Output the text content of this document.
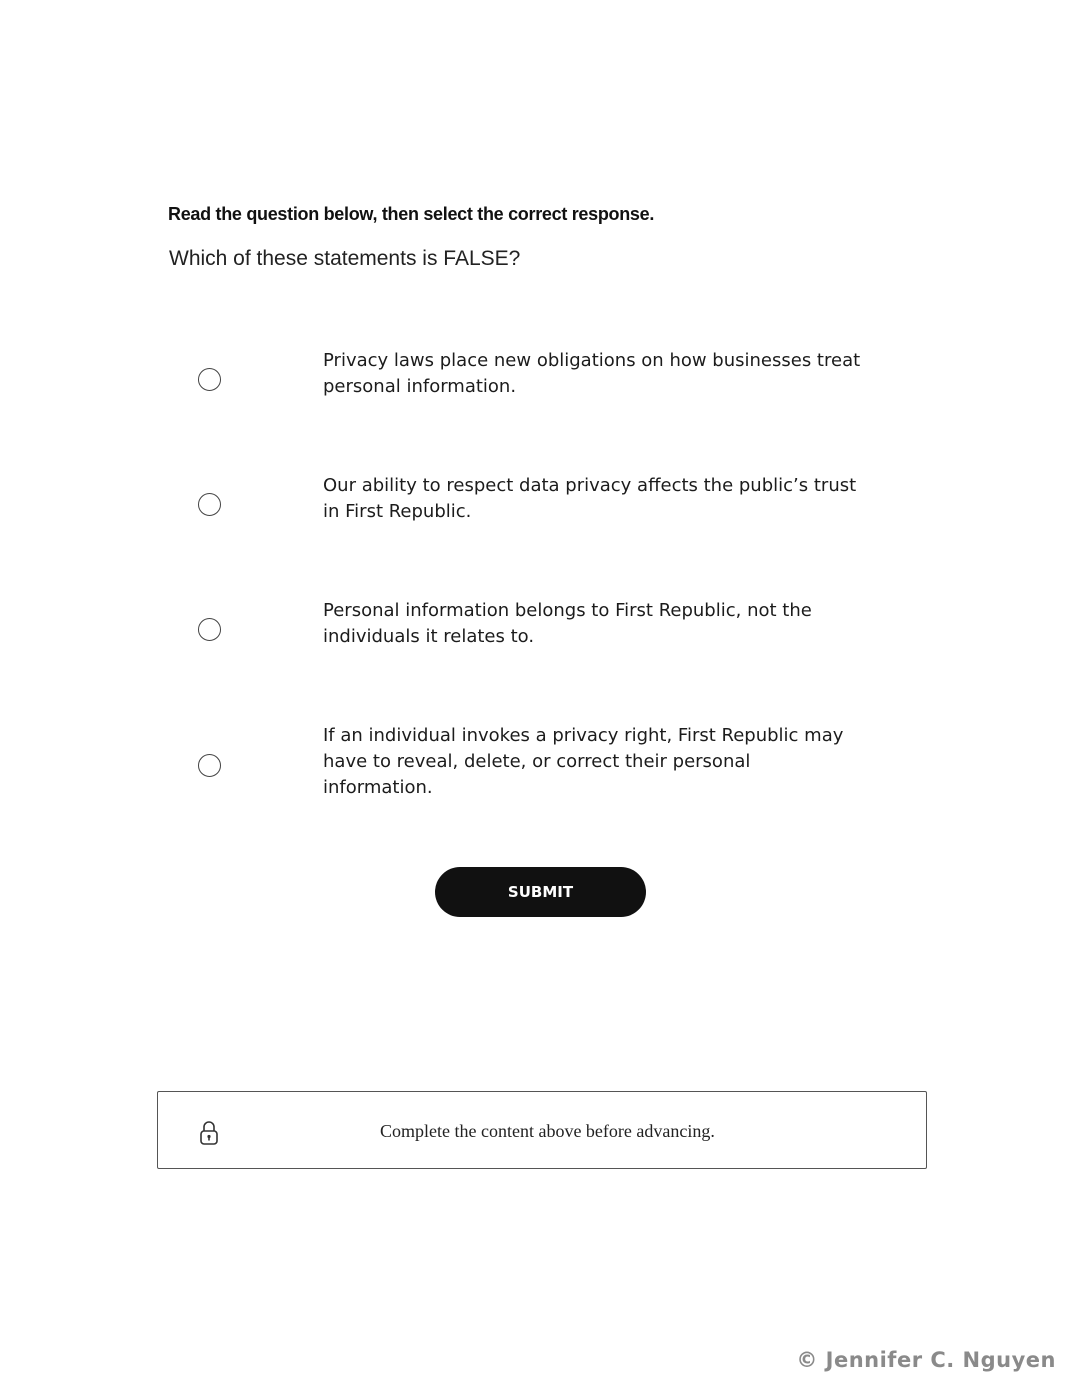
Read the question below, then select the correct response.
Which of these statements is FALSE?
Privacy laws place new obligations on how businesses treat personal information.
Our ability to respect data privacy affects the public’s trust in First Republic.
Personal information belongs to First Republic, not the individuals it relates to.
If an individual invokes a privacy right, First Republic may have to reveal, delete, or correct their personal information.
SUBMIT
Complete the content above before advancing.
© Jennifer C. Nguyen
